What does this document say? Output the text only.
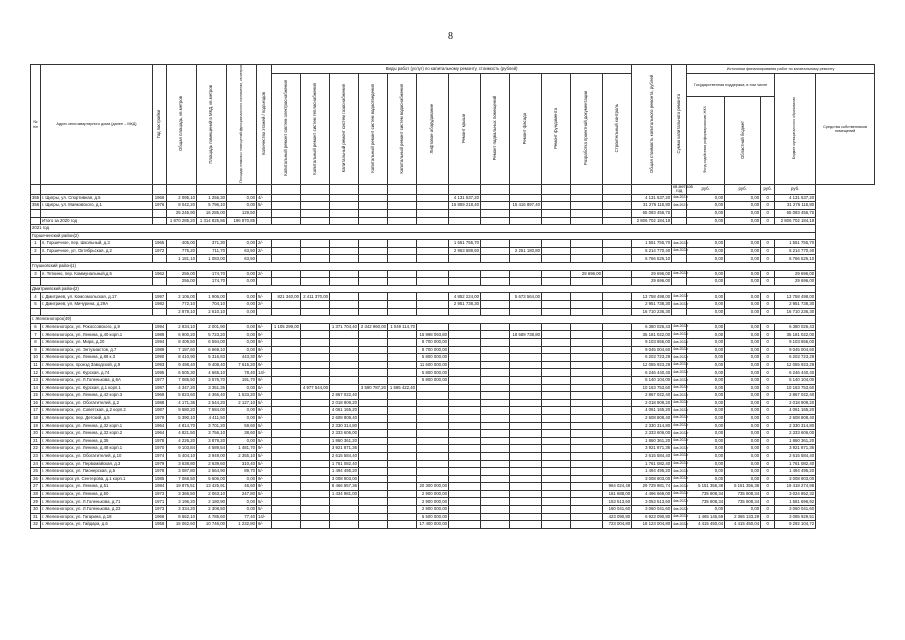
8
№ п/п	Адрес многоквартирного дома (далее – МКД)	Год постройки	Общая площадь, кв.метров	Площадь помещений в МКД, кв.метров	Площадь нежилых помещений функционального назначения, кв.метров	Количество этажей / подъездов	Виды работ (услуг) по капитальному ремонту, стоимость (рублей)												Общая стоимость капитального ремонта, рублей	Сумма капитального ремонта	Источники финансирования работ по капитальному ремонту				
							Капитальный ремонт систем электроснабжения	Капитальный ремонт систем теплоснабжения	Капитальный ремонт систем газоснабжения	Капитальный ремонт систем водоотведения	Капитальный ремонт систем водоснабжения	Лифтовое оборудование	Ремонт крыши	Ремонт подвальных помещений	Ремонт фасада	Ремонт фундамента	Разработка проектной документации	Строительный контроль			Государственная поддержка, в том числе			Бюджет муниципального образования	Средства собственников помещений
																					Фонд содействия реформированию ЖКХ	Областной бюджет			
																				кв.метров
год	руб.	руб.	руб.	руб.	
355	г. Щигры, ул. Спортивная, д.5	1968	2 095,10	1 256,30	0,00	4/-							4 131 537,20						4 131 537,20	4кв.2021г	0,00	0,00	0	4 131 537,20	
356	г. Щигры, ул. Маяковского, д.1	1976	8 042,20	5 796,10	0,00	5/-							15 859 218,40		15 416 897,40				31 276 115,80	4кв.2021г	0,00	0,00	0	31 276 115,80	
			25 245,90	16 285,00	129,50														65 083 456,70		0,00	0,00	0	65 083 456,70	
	Итого за 2020 год		1 870 285,20	1 314 825,86	196 870,85														2 806 702 184,18		0,00	0,00	0	2 806 702 184,18	
2021 год																									
Горшеченский район(2)																									
1	п. Горшечное, пер. Школьный, д.3	1965	405,00	371,30	0,00	2/-							1 551 755,70						1 551 755,70	4кв.2022г	0,00	0,00	0	1 551 755,70	
2	п. Горшечное, ул. Октябрьская, д.2	1972	775,20	711,70	63,50	2/-							2 963 589,60		2 251 180,80				5 214 770,40	4кв.2022г	0,00	0,00	0	5 214 770,40	
			1 181,10	1 083,00	63,50														6 766 526,10		0,00	0,00	0	6 766 526,10	
Глушковский район(1)																									
3	п. Теткино, пер. Коммунальный,д.5	1962	256,00	174,70	0,00	2/-											29 696,00		29 696,00	4кв.2022г	0,00	0,00	0	29 696,00	
			256,00	174,70	0,00														29 696,00		0,00	0,00	0	29 696,00	
Дмитриевский район(2)																									
4	г. Дмитриев, ул. Комсомольская, д.17	1997	2 106,00	1 906,00	0,00	5/-	821 340,00	2 411 370,00					4 852 224,00		5 673 564,00				13 758 498,00	4кв.2022г	0,00	0,00	0	13 758 498,00	
5	г. Дмитриев, ул. Мичурина, д.29А	1982	772,10	704,10	0,00	2/-							2 951 738,30						2 951 738,30	4кв.2022г	0,00	0,00	0	2 951 738,30	
			2 878,10	2 610,10	0,00														16 710 236,30		0,00	0,00	0	16 710 236,30	
г. Железногорск(49)																									
6	г. Железногорск, ул. Рокоссовского, д.9	1994	2 834,10	2 001,90	0,00	6/-	1 105 299,00		1 371 704,40	2 342 960,00	1 049 114,70								6 380 026,43	4кв.2022г	0,00	0,00	0	6 380 026,43	
7	г. Железногорск, ул. Ленина, д.40 корп.1	1989	6 900,20	5 723,20	0,00	9/-						15 998 093,80			18 589 738,80				35 181 022,00	4кв.2022г	0,00	0,00	0	35 181 022,00	
8	г. Железногорск, ул. Мира, д.20	1994	8 409,50	6 594,00	0,00	9/-						8 700 000,00							9 103 656,00	4кв.2022г	0,00	0,00	0	9 103 656,00	
9	г. Железногорск, ул. Энтузиастов, д.7	1989	7 187,60	6 669,10	0,00	9/-						8 700 000,00							9 045 004,60	4кв.2022г	0,00	0,00	0	9 045 004,60	
10	г. Железногорск, ул. Ленина, д.88 к.3	1990	8 410,90	5 316,83	443,30	9/-						5 800 000,00							6 203 723,29	4кв.2022г	0,00	0,00	0	6 203 723,29	
11	г. Железногорск, проезд Заводской, д.9	1993	9 498,40	9 408,40	7 615,20	9/-						11 600 000,00							12 055 923,29	4кв.2022г	0,00	0,00	0	12 055 923,29	
12	г. Железногорск, ул. Курская, д.74	1995	6 505,30	4 665,10	78,40	14/-						5 800 000,00							6 246 440,40	4кв.2022г	0,00	0,00	0	6 246 440,40	
13	г. Железногорск, ул. Л.Голенькова, д.6А	1977	7 085,50	3 576,70	191,70	9/-						5 800 000,00							6 140 104,00	4кв.2022г	0,00	0,00	0	6 140 104,00	
14	г. Железногорск, ул. Курская, д.1 корп.1	1987	4 347,20	3 351,35	0,00	6/-		4 977 544,00		3 590 787,20	1 595 422,40								10 163 753,60	4кв.2022г	0,00	0,00	0	10 163 753,60	
15	г. Железногорск, ул. Ленина, д.42 корп.3	1968	5 823,60	4 366,40	1 533,20	5/-			2 867 022,40										2 867 022,40	4кв.2022г	0,00	0,00	0	2 867 022,40	
16	г. Железногорск, ул. Обогатителей, д.2	1988	4 171,36	2 544,20	2 127,10	5/-			2 018 909,20										2 018 909,20	4кв.2022г	0,00	0,00	0	2 018 909,20	
17	г. Железногорск, ул. Советская, д.2 корп.2	1987	9 580,20	7 584,00	0,00	9/-			4 061 165,20										4 061 165,20	4кв.2022г	0,00	0,00	0	4 061 165,20	
18	г. Железногорск, пер. Детский, д.5	1978	5 390,10	4 411,50	0,00	9/-			2 608 808,40										2 608 808,40	4кв.2022г	0,00	0,00	0	2 608 808,40	
19	г. Железногорск, ул. Ленина, д.32 корп.1	1964	4 814,70	3 701,20	59,60	5/-			2 330 314,80										2 330 314,80	4кв.2022г	0,00	0,00	0	2 330 314,80	
20	г. Железногорск, ул. Ленина, д.32 корп.2	1964	4 821,50	3 756,10	38,60	5/-			2 333 606,00										2 333 606,00	4кв.2022г	0,00	0,00	0	2 333 606,00	
21	г. Железногорск, ул. Ленина, д.35	1978	4 226,20	3 879,20	0,00	5/-			1 860 361,20										1 860 361,20	4кв.2022г	0,00	0,00	0	1 860 361,20	
22	г. Железногорск, ул. Ленина, д.48 корп.1	1970	9 103,84	4 589,54	1 481,70	9/-			3 921 871,36										3 921 871,36	4кв.2022г	0,00	0,00	0	3 921 871,36	
23	г. Железногорск, ул. Обогатителей, д.10	1974	5 404,10	3 949,00	2 355,10	5/-			2 615 584,40										2 615 584,40	4кв.2022г	0,00	0,00	0	2 615 584,40	
24	г. Железногорск, ул. Первомайская, д.3	1979	3 638,80	2 639,60	310,40	5/-			1 761 082,40										1 761 082,40	4кв.2022г	0,00	0,00	0	1 761 082,40	
25	г. Железногорск, ул. Пионерская, д.5	1978	3 087,80	2 564,90	89,70	5/-			1 494 495,20										1 494 495,20	4кв.2022г	0,00	0,00	0	1 494 495,20	
26	г. Железногорск ул. Сентерова, д.1 корп.1	1985	7 068,50	5 606,00	0,00	9/-			3 008 903,00										3 008 903,00	4кв.2022г	0,00	0,00	0	3 008 903,00	
27	г. Железногорск, ул. Ленина, д.51	1984	19 875,51	13 425,91	46,60	9/-			8 466 957,36			20 300 000,00						964 024,48	29 729 981,74	4кв.2022г	5 151 356,38	5 151 356,38	0	19 418 274,98	
28	г. Железногорск, ул. Ленина, д.50	1973	3 366,50	2 063,10	247,80	5/-			1 434 981,00			2 900 000,00						161 688,00	4 496 669,00	4кв.2022г	735 908,34	735 908,34	0	3 024 852,32	
29	г. Железногорск, ул. Л.Голенькова, д.71	1971	3 196,20	2 180,90	0,00	5/-						2 900 000,00						153 513,60	3 053 513,60	4кв.2022г	735 908,34	735 908,34	0	1 581 696,92	
30	г. Железногорск, ул. Л.Голенькова, д.23	1973	3 334,20	2 308,50	0,00	5/-						2 900 000,00						160 041,60	3 060 041,60	4кв.2022г	0,00	0,00	0	3 060 041,60	
31	г. Железногорск, ул. Гагарина, д.18	1968	8 662,10	4 785,60	77,40	14/-						6 500 000,00						423 090,80	6 923 090,80	4кв.2022г	1 465 145,59	2 365 133,29	0	3 095 929,51	
32	г. Железногорск, ул. Гайдара, д.6	1958	15 062,60	10 746,00	1 232,80	9/-						17 400 000,00						723 004,80	18 123 004,80	4кв.2022г	4 415 450,04	4 415 450,04	0	9 292 104,72	
